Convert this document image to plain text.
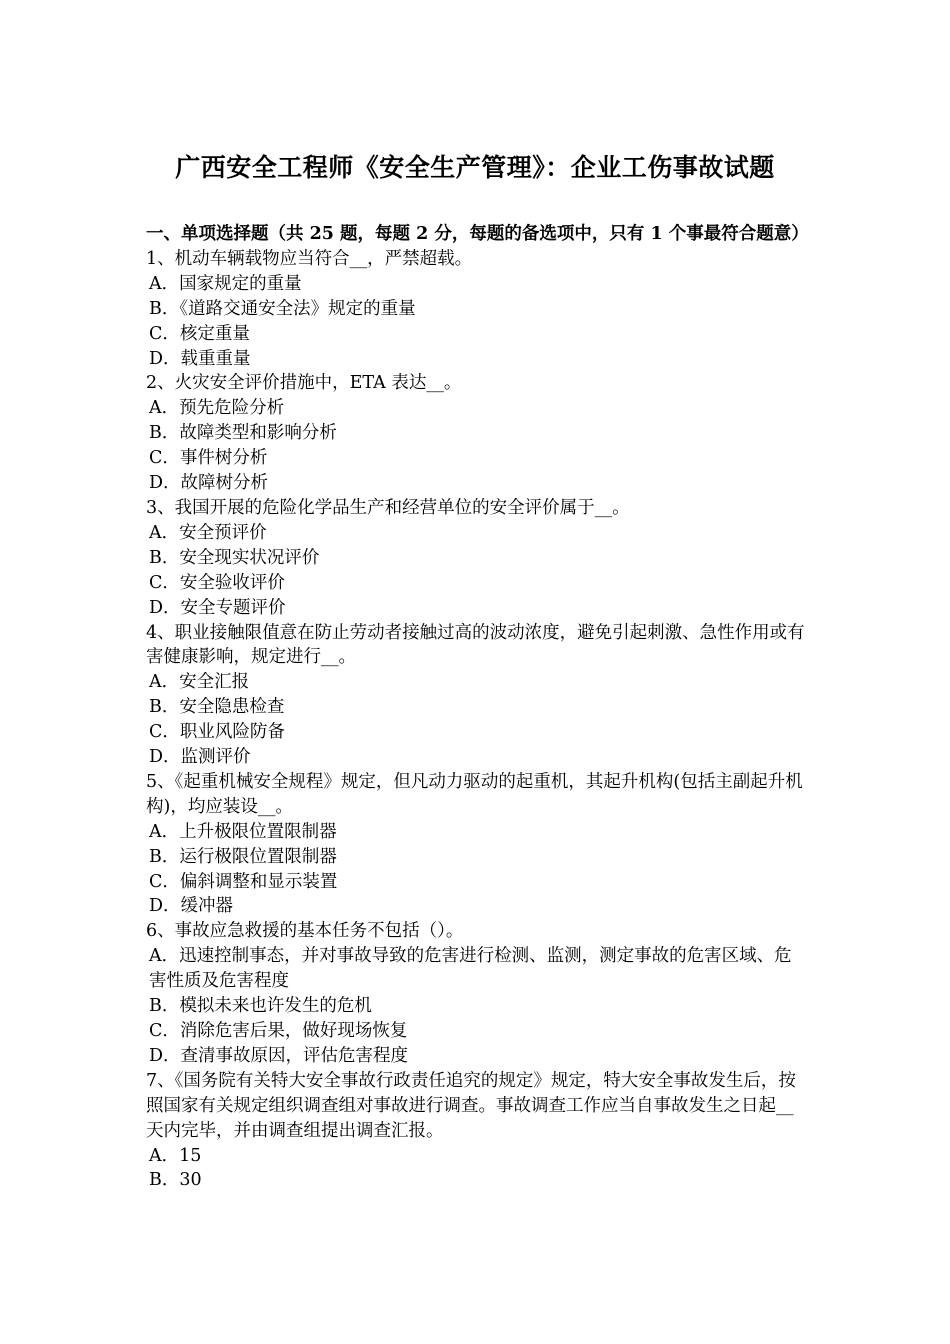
广西安全工程师《安全生产管理》：企业工伤事故试题

一、单项选择题（共 25 题，每题 2 分，每题的备选项中，只有 1 个事最符合题意）

1、机动车辆载物应当符合__，严禁超载。

A．国家规定的重量

B．《道路交通安全法》规定的重量

C．核定重量

D．载重重量

2、火灾安全评价措施中，ETA 表达__。

A．预先危险分析

B．故障类型和影响分析

C．事件树分析

D．故障树分析

3、我国开展的危险化学品生产和经营单位的安全评价属于__。

A．安全预评价

B．安全现实状况评价

C．安全验收评价

D．安全专题评价

4、职业接触限值意在防止劳动者接触过高的波动浓度，避免引起刺激、急性作用或有害健康影响，规定进行__。

A．安全汇报

B．安全隐患检查

C．职业风险防备

D．监测评价

5、《起重机械安全规程》规定，但凡动力驱动的起重机，其起升机构(包括主副起升机构)，均应装设__。

A．上升极限位置限制器

B．运行极限位置限制器

C．偏斜调整和显示装置

D．缓冲器

6、事故应急救援的基本任务不包括（）。

A．迅速控制事态，并对事故导致的危害进行检测、监测，测定事故的危害区域、危害性质及危害程度

B．模拟未来也许发生的危机

C．消除危害后果，做好现场恢复

D．查清事故原因，评估危害程度

7、《国务院有关特大安全事故行政责任追究的规定》规定，特大安全事故发生后，按照国家有关规定组织调查组对事故进行调查。事故调查工作应当自事故发生之日起__天内完毕，并由调查组提出调查汇报。

A．15

B．30
